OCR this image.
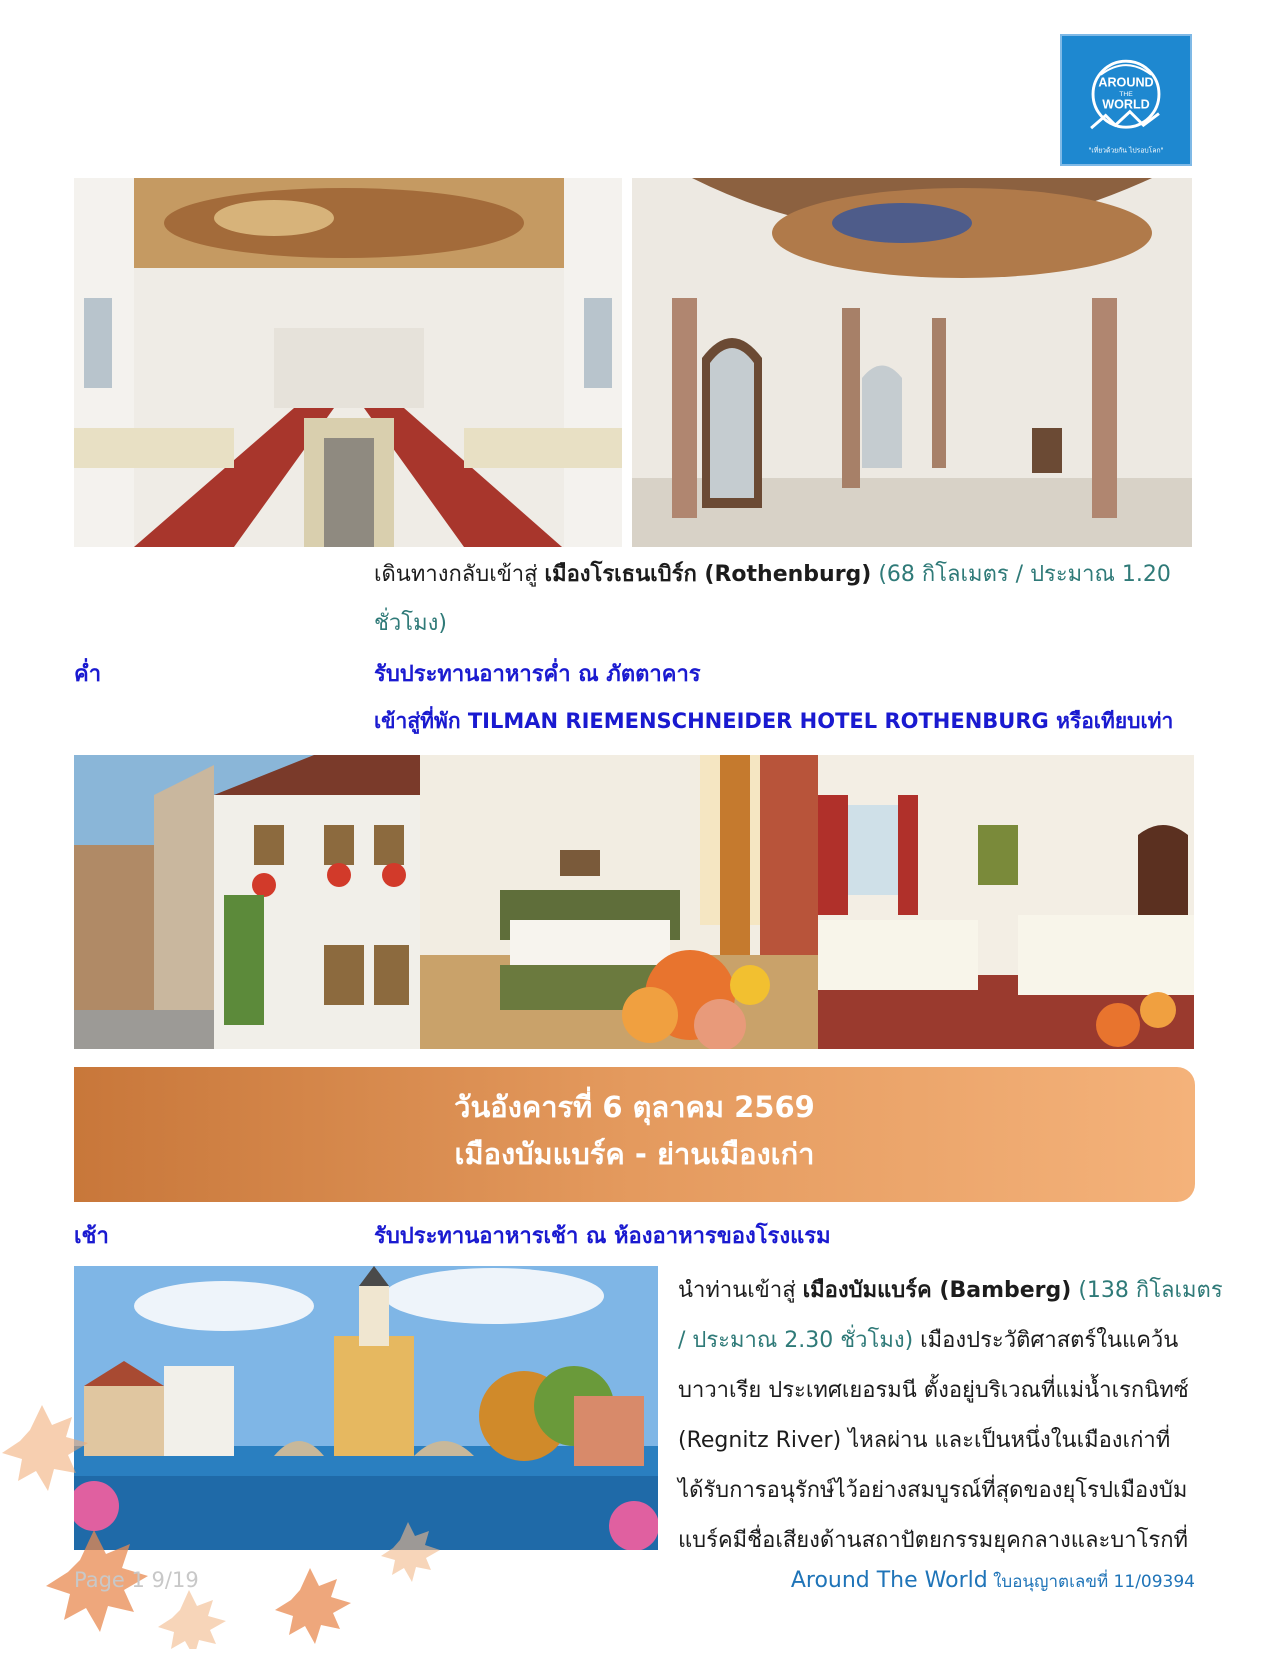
AROUND
THE
WORLD
"เที่ยวด้วยกัน ไปรอบโลก"
เดินทางกลับเข้าสู่ เมืองโรเธนเบิร์ก (Rothenburg) (68 กิโลเมตร / ประมาณ 1.20
ชั่วโมง)
ค่ำ	รับประทานอาหารค่ำ ณ ภัตตาคาร
เข้าสู่ที่พัก TILMAN RIEMENSCHNEIDER HOTEL ROTHENBURG หรือเทียบเท่า
วันอังคารที่ 6 ตุลาคม 2569
เมืองบัมแบร์ค - ย่านเมืองเก่า
เช้า	รับประทานอาหารเช้า ณ ห้องอาหารของโรงแรม
นำท่านเข้าสู่ เมืองบัมแบร์ค (Bamberg) (138 กิโลเมตร
/ ประมาณ 2.30 ชั่วโมง) เมืองประวัติศาสตร์ในแคว้น
บาวาเรีย ประเทศเยอรมนี ตั้งอยู่บริเวณที่แม่น้ำเรกนิทซ์
(Regnitz River) ไหลผ่าน และเป็นหนึ่งในเมืองเก่าที่
ได้รับการอนุรักษ์ไว้อย่างสมบูรณ์ที่สุดของยุโรปเมืองบัม
แบร์คมีชื่อเสียงด้านสถาปัตยกรรมยุคกลางและบาโรกที่
Page 1 9/19	Around The World ใบอนุญาตเลขที่ 11/09394
